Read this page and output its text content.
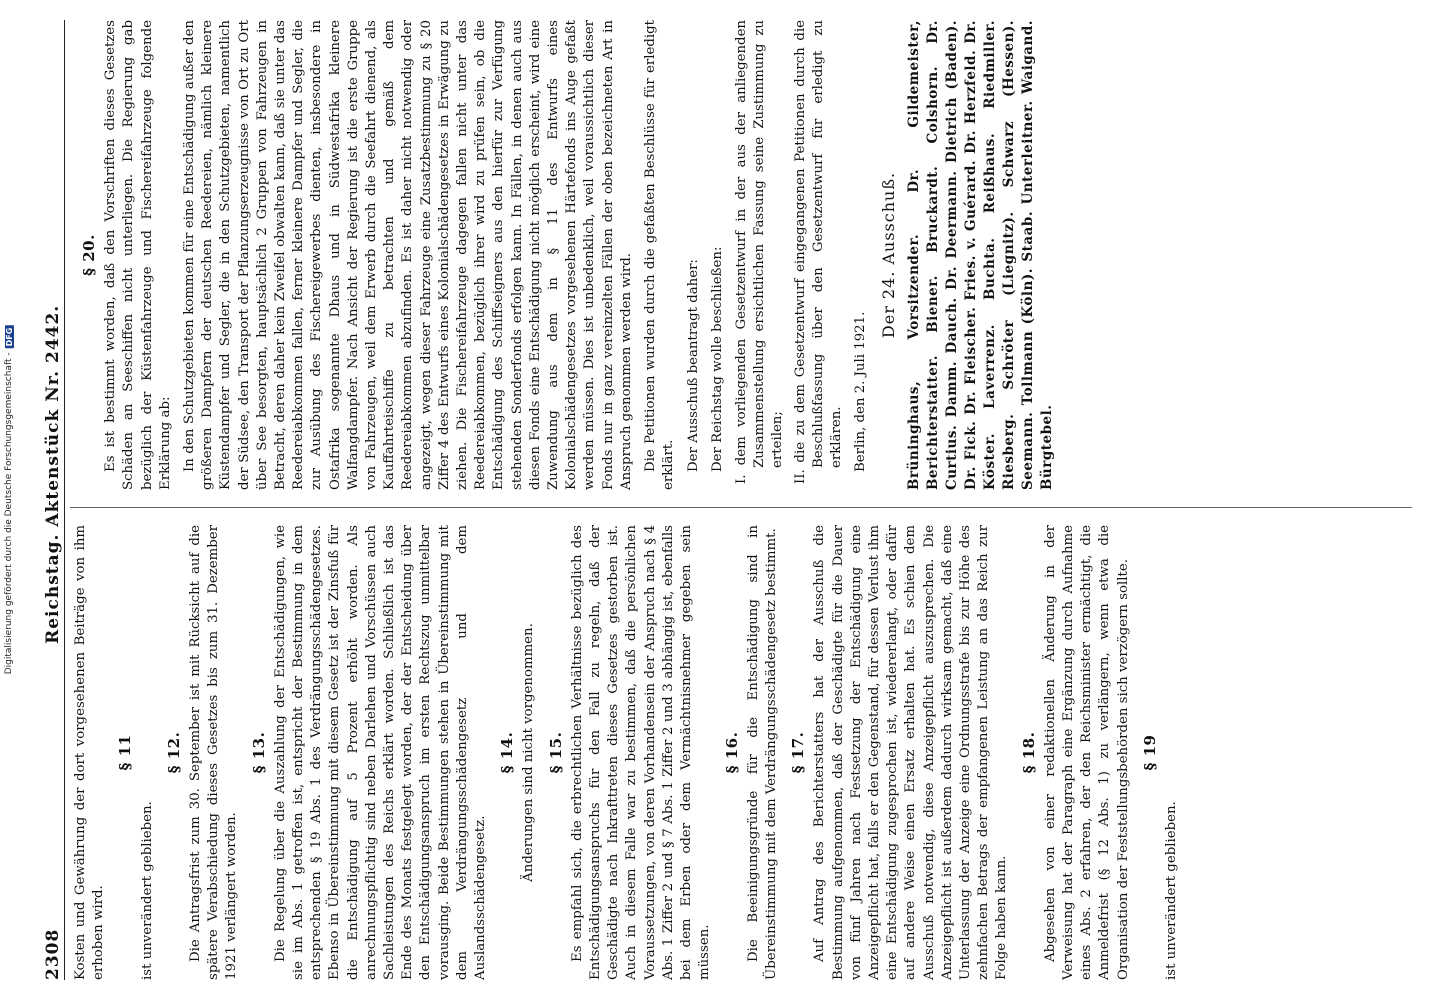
Digitalisierung gefördert durch die Deutsche Forschungsgemeinschaft -
DFG
2308
Reichstag. Aktenstück Nr. 2442.

Kosten und Gewährung der dort vorgesehenen Beiträge von ihm erhoben wird.

§ 11

ist unverändert geblieben.

§ 12. Die Antragsfrist zum 30. September ist mit Rücksicht auf die spätere Verabschiedung dieses Gesetzes bis zum 31. Dezember 1921 verlängert worden.

§ 13. Die Regelung über die Auszahlung der Entschädigungen, wie sie im Abs. 1 getroffen ist, entspricht der Bestimmung in dem entsprechenden § 19 Abs. 1 des Verdrängungsschädengesetzes. Ebenso in Übereinstimmung mit diesem Gesetz ist der Zinsfuß für die Entschädigung auf 5 Prozent erhöht worden. Als anrechnungspflichtig sind neben Darlehen und Vorschüssen auch Sachleistungen des Reichs erklärt worden. Schließlich ist das Ende des Monats festgelegt worden, der der Entscheidung über den Entschädigungsanspruch im ersten Rechtszug unmittelbar vorausging. Beide Bestimmungen stehen in Übereinstimmung mit dem Verdrängungsschädengesetz und dem Auslandsschädengesetz.

§ 14. Änderungen sind nicht vorgenommen. § 15. Es empfahl sich, die erbrechtlichen Verhältnisse bezüglich des Entschädigungsanspruchs für den Fall zu regeln, daß der Geschädigte nach Inkrafttreten dieses Gesetzes gestorben ist. Auch in diesem Falle war zu bestimmen, daß die persönlichen Voraussetzungen, von deren Vorhandensein der Anspruch nach § 4 Abs. 1 Ziffer 2 und § 7 Abs. 1 Ziffer 2 und 3 abhängig ist, ebenfalls bei dem Erben oder dem Vermächtnisnehmer gegeben sein müssen.

§ 16. Die Beeinigungsgründe für die Entschädigung sind in Übereinstimmung mit dem Verdrängungsschädengesetz bestimmt. § 17. Auf Antrag des Berichterstatters hat der Ausschuß die Bestimmung aufgenommen, daß der Geschädigte für die Dauer von fünf Jahren nach Festsetzung der Entschädigung eine Anzeigepflicht hat, falls er den Gegenstand, für dessen Verlust ihm eine Entschädigung zugesprochen ist, wiedererlangt, oder dafür auf andere Weise einen Ersatz erhalten hat. Es schien dem Ausschuß notwendig, diese Anzeigepflicht auszusprechen. Die Anzeigepflicht ist außerdem dadurch wirksam gemacht, daß eine Unterlassung der Anzeige eine Ordnungsstrafe bis zur Höhe des zehnfachen Betrags der empfangenen Leistung an das Reich zur Folge haben kann.

§ 18. Abgesehen von einer redaktionellen Änderung in der Verweisung hat der Paragraph eine Ergänzung durch Aufnahme eines Abs. 2 erfahren, der den Reichsminister ermächtigt, die Anmeldefrist (§ 12 Abs. 1) zu verlängern, wenn etwa die Organisation der Feststellungsbehörden sich verzögern sollte. § 19

ist unverändert geblieben.

§ 20. Es ist bestimmt worden, daß den Vorschriften dieses Gesetzes Schäden an Seeschiffen nicht unterliegen. Die Regierung gab bezüglich der Küstenfahrzeuge und Fischereifahrzeuge folgende Erklärung ab: In den Schutzgebieten kommen für eine Entschädigung außer den größeren Dampfern der deutschen Reedereien, nämlich kleinere Küstendampfer und Segler, die in den Schutzgebieten, namentlich der Südsee, den Transport der Pflanzungserzeugnisse von Ort zu Ort über See besorgten, hauptsächlich 2 Gruppen von Fahrzeugen in Betracht, deren daher kein Zweifel obwalten kann, daß sie unter das Reedereiabkommen fallen, ferner kleinere Dampfer und Segler, die zur Ausübung des Fischereigewerbes dienten, insbesondere in Ostafrika sogenannte Dhaus und in Südwestafrika kleinere Walfangdampfer. Nach Ansicht der Regierung ist die erste Gruppe von Fahrzeugen, weil dem Erwerb durch die Seefahrt dienend, als Kauffahrteischiffe zu betrachten und gemäß dem Reedereiabkommen abzufinden. Es ist daher nicht notwendig oder angezeigt, wegen dieser Fahrzeuge eine Zusatzbestimmung zu § 20 Ziffer 4 des Entwurfs eines Kolonialschädengesetzes in Erwägung zu ziehen. Die Fischereifahrzeuge dagegen fallen nicht unter das Reedereiabkommen, bezüglich ihrer wird zu prüfen sein, ob die Entschädigung des Schiffseigners aus den hierfür zur Verfügung stehenden Sonderfonds erfolgen kann. In Fällen, in denen auch aus diesen Fonds eine Entschädigung nicht möglich erscheint, wird eine Zuwendung aus dem in § 11 des Entwurfs eines Kolonialschädengesetzes vorgesehenen Härtefonds ins Auge gefaßt werden müssen. Dies ist unbedenklich, weil voraussichtlich dieser Fonds nur in ganz vereinzelten Fällen der oben bezeichneten Art in Anspruch genommen werden wird. Die Petitionen wurden durch die gefaßten Beschlüsse für erledigt erklärt. Der Ausschuß beantragt daher: Der Reichstag wolle beschließen: I. dem vorliegenden Gesetzentwurf in der aus der anliegenden Zusammenstellung ersichtlichen Fassung seine Zustimmung zu erteilen; II. die zu dem Gesetzentwurf eingegangenen Petitionen durch die Beschlußfassung über den Gesetzentwurf für erledigt zu erklären. Berlin, den 2. Juli 1921.

Der 24. Ausschuß. Brüninghaus, Vorsitzender. Dr. Gildemeister, Berichterstatter. Biener. Bruckardt. Colshorn. Dr. Curtius. Damm. Dauch. Dr. Deermann. Dietrich (Baden). Dr. Fick. Dr. Fleischer. Fries. v. Guérard. Dr. Herzfeld. Dr. Köster. Laverrenz. Buchta. Reißhaus. Riedmiller. Riesberg. Schröter (Liegnitz). Schwarz (Hessen). Seemann. Tollmann (Köln). Staab. Unterleitner. Waigand. Bürgtebel.
